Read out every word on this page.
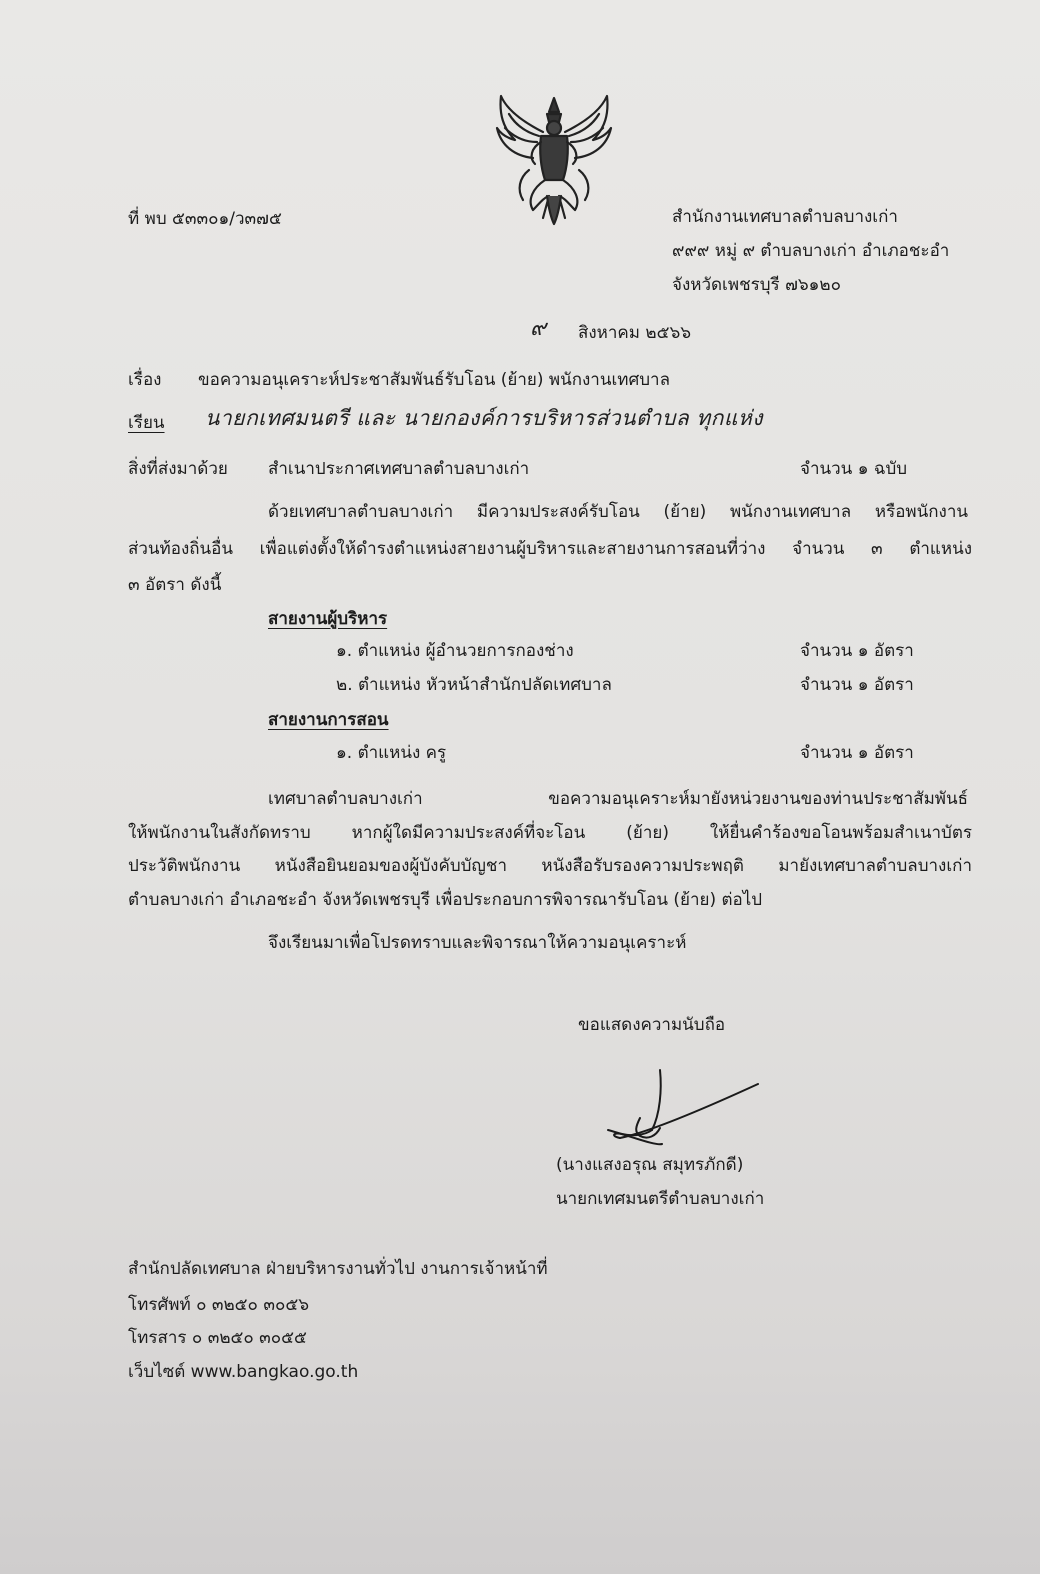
ที่ พบ ๕๓๓๐๑/ว๓๗๕	สำนักงานเทศบาลตำบลบางเก่า
๙๙๙ หมู่ ๙ ตำบลบางเก่า อำเภอชะอำ
จังหวัดเพชรบุรี ๗๖๑๒๐
๙ สิงหาคม ๒๕๖๖
เรื่อง ขอความอนุเคราะห์ประชาสัมพันธ์รับโอน (ย้าย) พนักงานเทศบาล
เรียน นายกเทศมนตรี และ นายกองค์การบริหารส่วนตำบล ทุกแห่ง
สิ่งที่ส่งมาด้วย สำเนาประกาศเทศบาลตำบลบางเก่า	จำนวน ๑ ฉบับ
ด้วยเทศบาลตำบลบางเก่า มีความประสงค์รับโอน (ย้าย) พนักงานเทศบาล หรือพนักงาน
ส่วนท้องถิ่นอื่น เพื่อแต่งตั้งให้ดำรงตำแหน่งสายงานผู้บริหารและสายงานการสอนที่ว่าง จำนวน ๓ ตำแหน่ง
๓ อัตรา ดังนี้
สายงานผู้บริหาร
๑. ตำแหน่ง ผู้อำนวยการกองช่าง	จำนวน ๑ อัตรา
๒. ตำแหน่ง หัวหน้าสำนักปลัดเทศบาล	จำนวน ๑ อัตรา
สายงานการสอน
๑. ตำแหน่ง ครู	จำนวน ๑ อัตรา
เทศบาลตำบลบางเก่า ขอความอนุเคราะห์มายังหน่วยงานของท่านประชาสัมพันธ์
ให้พนักงานในสังกัดทราบ หากผู้ใดมีความประสงค์ที่จะโอน (ย้าย) ให้ยื่นคำร้องขอโอนพร้อมสำเนาบัตร
ประวัติพนักงาน หนังสือยินยอมของผู้บังคับบัญชา หนังสือรับรองความประพฤติ มายังเทศบาลตำบลบางเก่า
ตำบลบางเก่า อำเภอชะอำ จังหวัดเพชรบุรี เพื่อประกอบการพิจารณารับโอน (ย้าย) ต่อไป
จึงเรียนมาเพื่อโปรดทราบและพิจารณาให้ความอนุเคราะห์
ขอแสดงความนับถือ
(นางแสงอรุณ สมุทรภักดี)
นายกเทศมนตรีตำบลบางเก่า
สำนักปลัดเทศบาล ฝ่ายบริหารงานทั่วไป งานการเจ้าหน้าที่
โทรศัพท์ ๐ ๓๒๕๐ ๓๐๕๖
โทรสาร ๐ ๓๒๕๐ ๓๐๕๕
เว็บไซต์ www.bangkao.go.th
